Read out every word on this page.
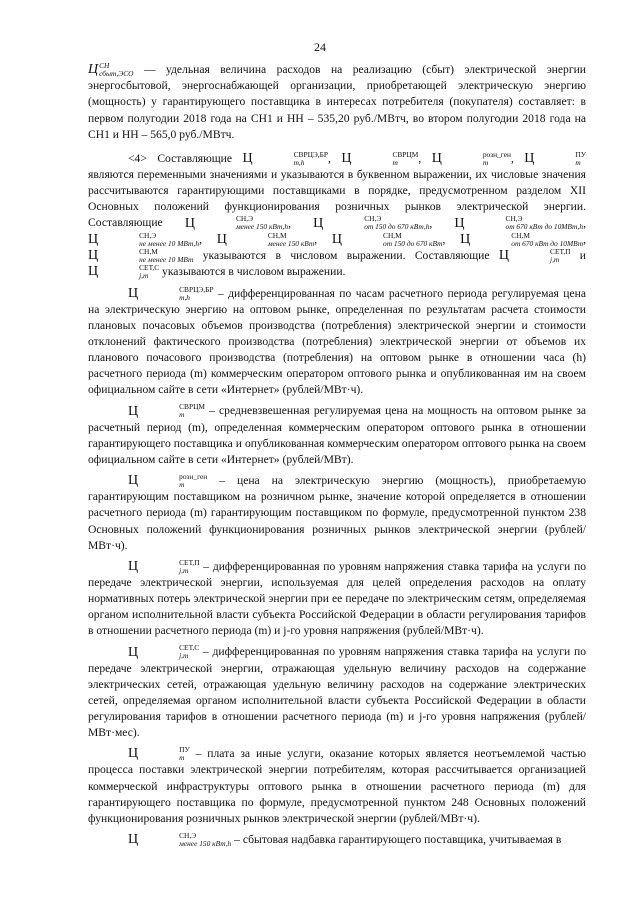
24

Ц СН
сбыт,ЭСО — удельная величина расходов на реализацию (сбыт) электрической энергии энергосбытовой, энергоснабжающей организации, приобретающей электрическую энергию (мощность) у гарантирующего поставщика в интересах потребителя (покупателя) составляет: в первом полугодии 2018 года на СН1 и НН – 535,20 руб./МВтч, во втором полугодии 2018 года на СН1 и НН – 565,0 руб./МВтч.

<4> Составляющие Ц	СВРЦЭ,БР
m,h	, Ц	СВРЦМ
m	, Ц	розн_ген
m	, Ц	ПУ
m
являются переменными значениями и указываются в буквенном выражении, их числовые значения рассчитываются гарантирующими поставщиками в порядке, предусмотренном разделом XII Основных положений функционирования розничных рынков электрической энергии. Составляющие Ц	СН,Э
менее 150 кВт,h , Ц	СН,Э
от 150 до 670 кВт,h , Ц	СН,Э
от 670 кВт до 10МВт,h , Ц	СН,Э
не менее 10 МВт,h , Ц	СН,М
менее 150 кВт , Ц	СН,М
от 150 до 670 кВт , Ц	СН,М
от 670 кВт до 10МВт , Ц	СН,М
не менее 10 МВт указываются в числовом выражении. Составляющие Ц	СЕТ,П
j,m и Ц	СЕТ,С
j,m указываются в числовом выражении.

Ц	СВРЦЭ,БР
m,h	– дифференцированная по часам расчетного периода регулируемая цена на электрическую энергию на оптовом рынке, определенная по результатам расчета стоимости плановых почасовых объемов производства (потребления) электрической энергии и стоимости отклонений фактического производства (потребления) электрической энергии от объемов их планового почасового производства (потребления) на оптовом рынке в отношении часа (h) расчетного периода (m) коммерческим оператором оптового рынка и опубликованная им на своем официальном сайте в сети «Интернет» (рублей/МВт·ч).

Ц	СВРЦМ
m	– средневзвешенная регулируемая цена на мощность на оптовом рынке за расчетный период (m), определенная коммерческим оператором оптового рынка в отношении гарантирующего поставщика и опубликованная коммерческим оператором оптового рынка на своем официальном сайте в сети «Интернет» (рублей/МВт).

Ц	розн_ген
m	– цена на электрическую энергию (мощность), приобретаемую гарантирующим поставщиком на розничном рынке, значение которой определяется в отношении расчетного периода (m) гарантирующим поставщиком по формуле, предусмотренной пунктом 238 Основных положений функционирования розничных рынков электрической энергии (рублей/МВт·ч).

Ц	СЕТ,П
j,m – дифференцированная по уровням напряжения ставка тарифа на услуги по передаче электрической энергии, используемая для целей определения расходов на оплату нормативных потерь электрической энергии при ее передаче по электрическим сетям, определяемая органом исполнительной власти субъекта Российской Федерации в области регулирования тарифов в отношении расчетного периода (m) и j-го уровня напряжения (рублей/МВт·ч).

Ц	СЕТ,С
j,m – дифференцированная по уровням напряжения ставка тарифа на услуги по передаче электрической энергии, отражающая удельную величину расходов на содержание электрических сетей, отражающая удельную величину расходов на содержание электрических сетей, определяемая органом исполнительной власти субъекта Российской Федерации в области регулирования тарифов в отношении расчетного периода (m) и j-го уровня напряжения (рублей/МВт·мес).

Ц	ПУ
m – плата за иные услуги, оказание которых является неотъемлемой частью процесса поставки электрической энергии потребителям, которая рассчитывается организацией коммерческой инфраструктуры оптового рынка в отношении расчетного периода (m) для гарантирующего поставщика по формуле, предусмотренной пунктом 248 Основных положений функционирования розничных рынков электрической энергии (рублей/МВт·ч).

Ц	СН,Э
менее 150 кВт,h – сбытовая надбавка гарантирующего поставщика, учитываемая в
